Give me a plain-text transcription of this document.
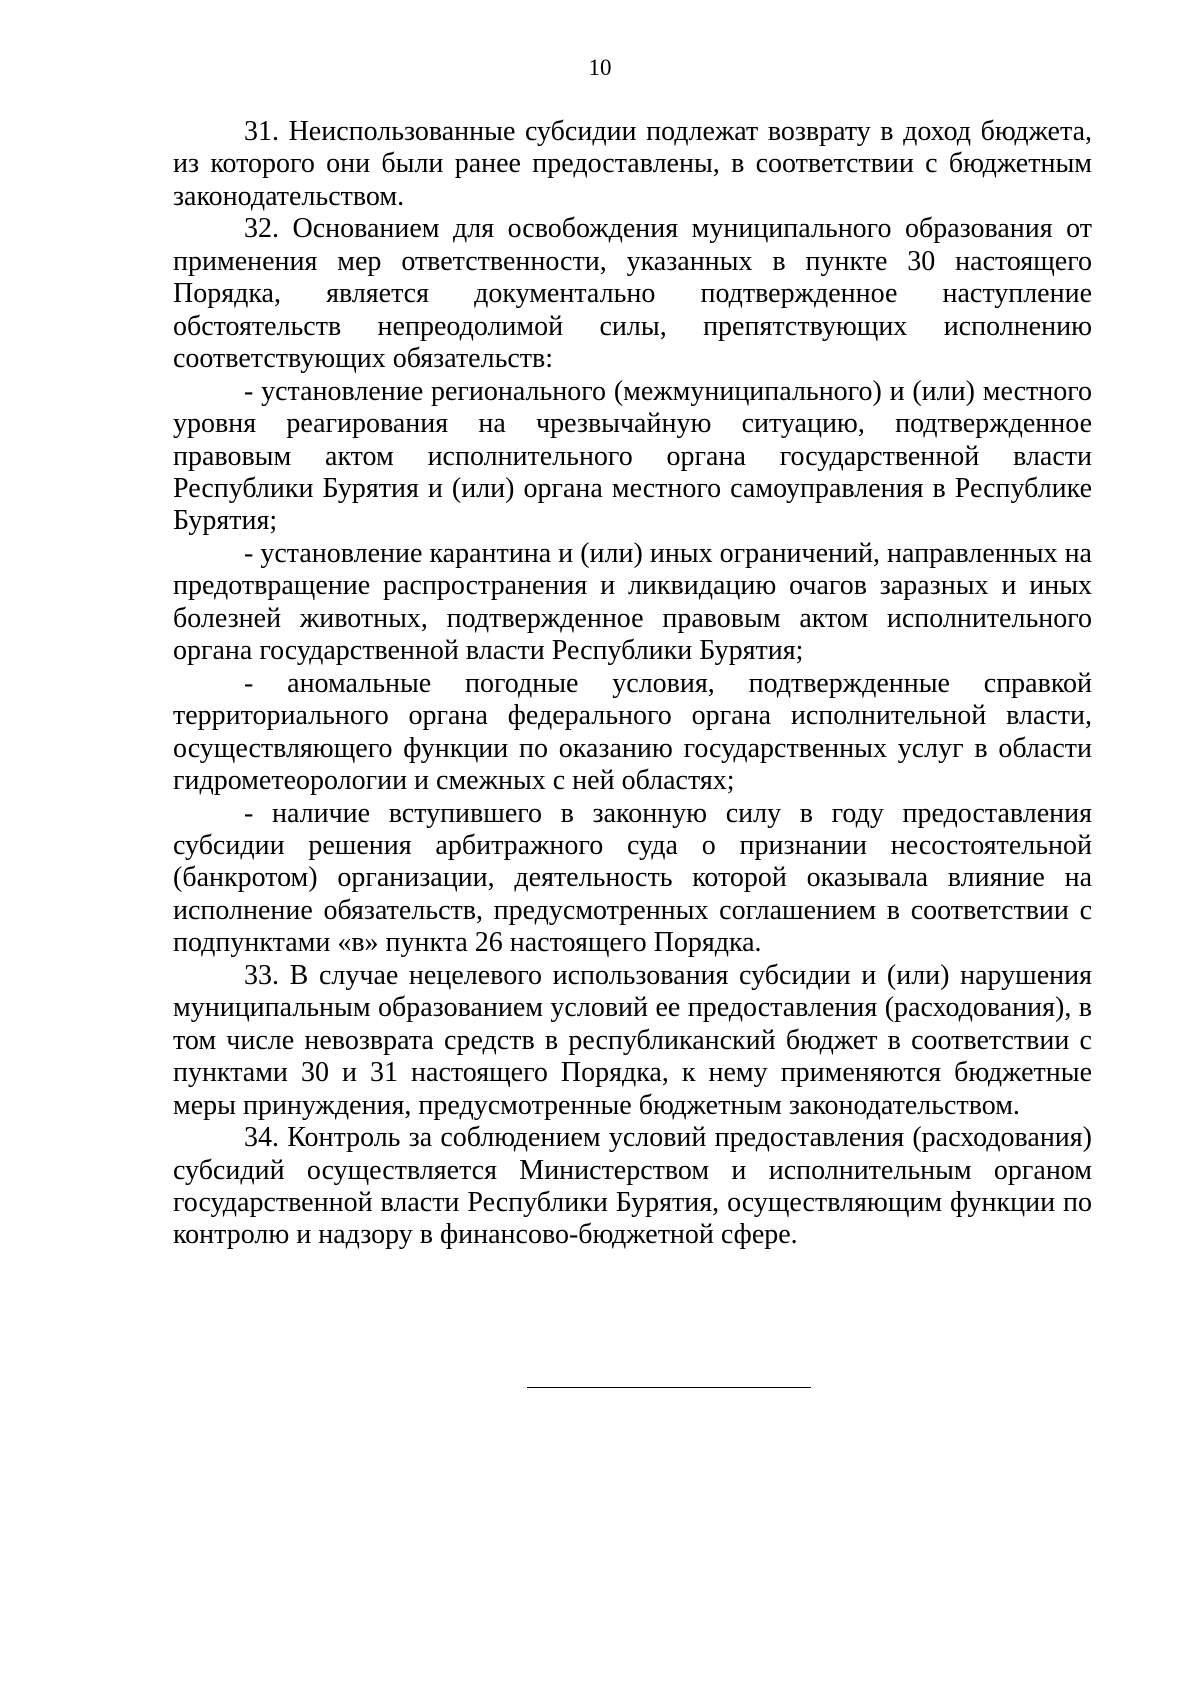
10

31. Неиспользованные субсидии подлежат возврату в доход бюджета, из которого они были ранее предоставлены, в соответствии с бюджетным законодательством.

32. Основанием для освобождения муниципального образования от применения мер ответственности, указанных в пункте 30 настоящего Порядка, является документально подтвержденное наступление обстоятельств непреодолимой силы, препятствующих исполнению соответствующих обязательств:

- установление регионального (межмуниципального) и (или) местного уровня реагирования на чрезвычайную ситуацию, подтвержденное правовым актом исполнительного органа государственной власти Республики Бурятия и (или) органа местного самоуправления в Республике Бурятия;

- установление карантина и (или) иных ограничений, направленных на предотвращение распространения и ликвидацию очагов заразных и иных болезней животных, подтвержденное правовым актом исполнительного органа государственной власти Республики Бурятия;

- аномальные погодные условия, подтвержденные справкой территориального органа федерального органа исполнительной власти, осуществляющего функции по оказанию государственных услуг в области гидрометеорологии и смежных с ней областях;

- наличие вступившего в законную силу в году предоставления субсидии решения арбитражного суда о признании несостоятельной (банкротом) организации, деятельность которой оказывала влияние на исполнение обязательств, предусмотренных соглашением в соответствии с подпунктами «в» пункта 26 настоящего Порядка.

33. В случае нецелевого использования субсидии и (или) нарушения муниципальным образованием условий ее предоставления (расходования), в том числе невозврата средств в республиканский бюджет в соответствии с пунктами 30 и 31 настоящего Порядка, к нему применяются бюджетные меры принуждения, предусмотренные бюджетным законодательством.

34. Контроль за соблюдением условий предоставления (расходования) субсидий осуществляется Министерством и исполнительным органом государственной власти Республики Бурятия, осуществляющим функции по контролю и надзору в финансово-бюджетной сфере.
